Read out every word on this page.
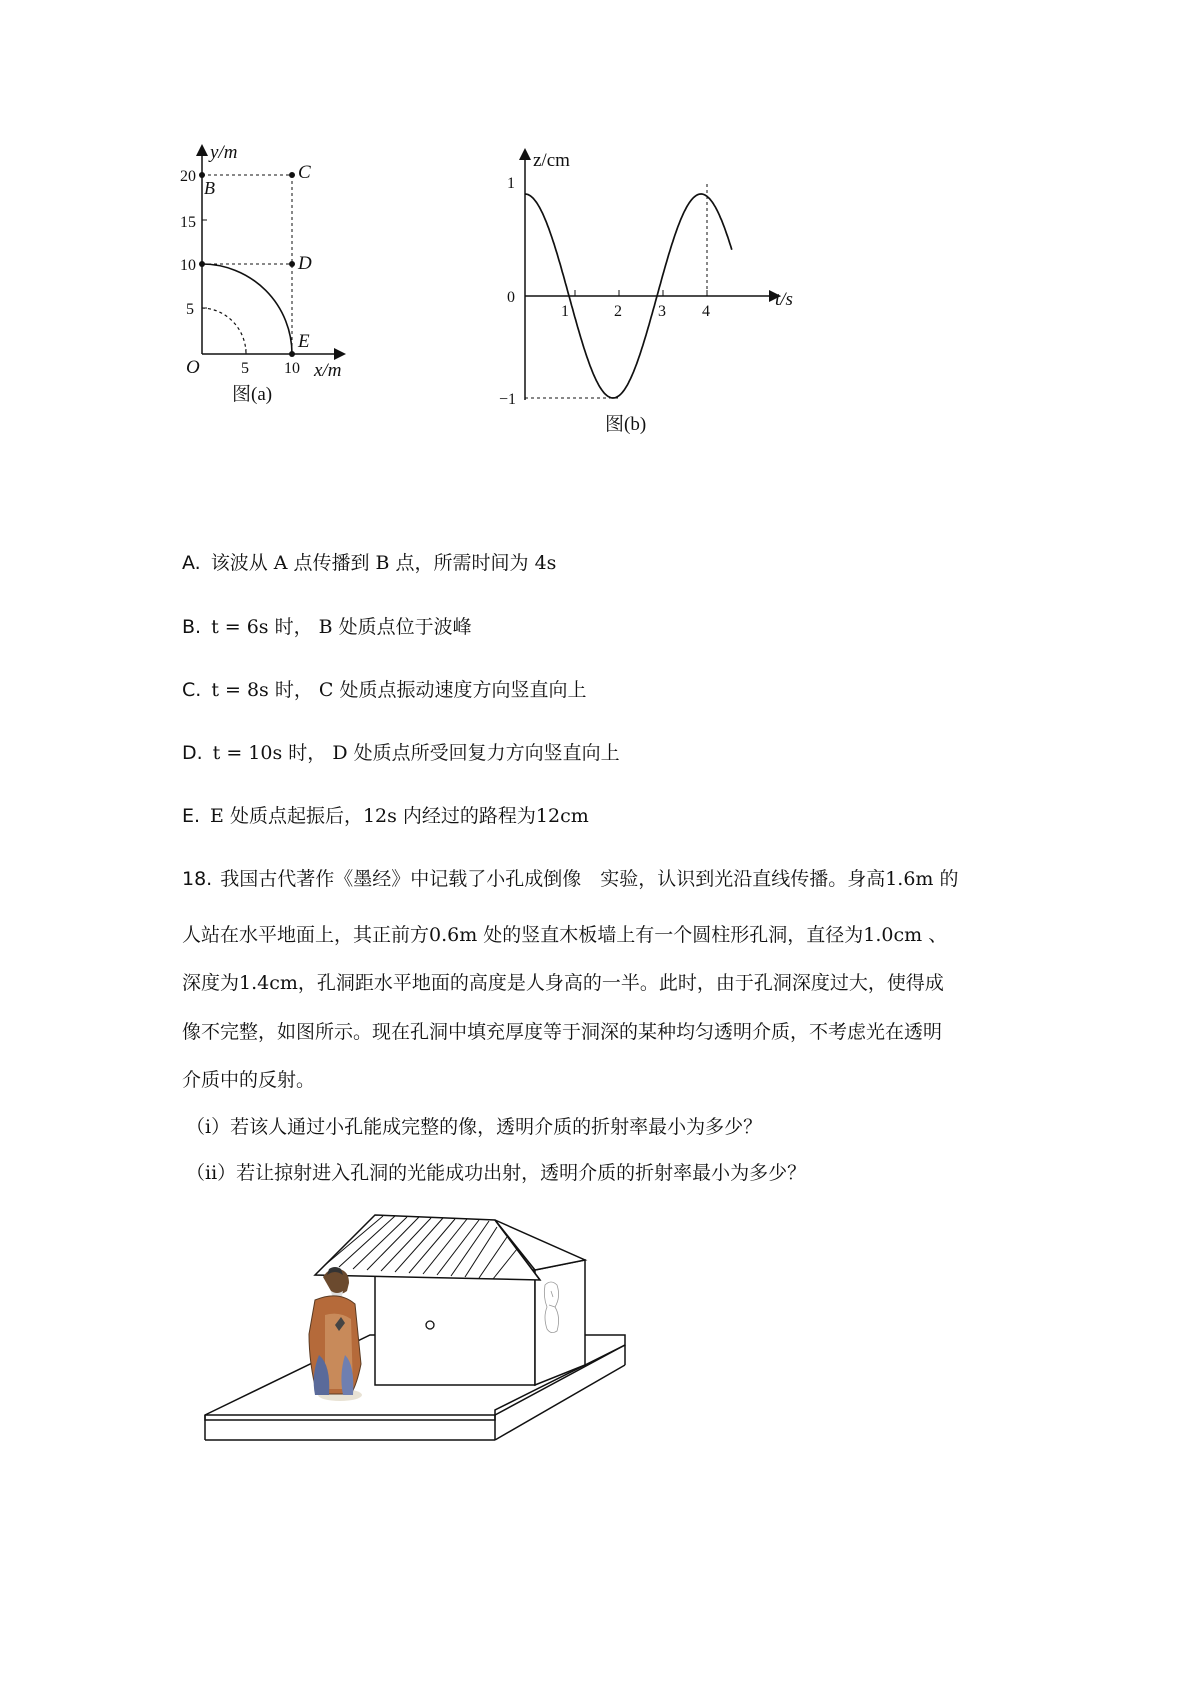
y/m
20
15
10
5
B
C
D
E
O	5 10 x/m
图(a)
z/cm
1
0
−1
1	2 3 4
t/s
图(b)
A. 该波从 A 点传播到 B 点，所需时间为 4s
B. t = 6s 时， B 处质点位于波峰
C. t = 8s 时， C 处质点振动速度方向竖直向上
D. t = 10s 时， D 处质点所受回复力方向竖直向上
E. E 处质点起振后，12s 内经过的路程为12cm
18. 我国古代著作《墨经》中记载了小孔成倒像　实验，认识到光沿直线传播。身高1.6m 的
人站在水平地面上，其正前方0.6m 处的竖直木板墙上有一个圆柱形孔洞，直径为1.0cm 、
深度为1.4cm，孔洞距水平地面的高度是人身高的一半。此时，由于孔洞深度过大，使得成
像不完整，如图所示。现在孔洞中填充厚度等于洞深的某种均匀透明介质，不考虑光在透明
介质中的反射。
（i）若该人通过小孔能成完整的像，透明介质的折射率最小为多少？
（ii）若让掠射进入孔洞的光能成功出射，透明介质的折射率最小为多少？
